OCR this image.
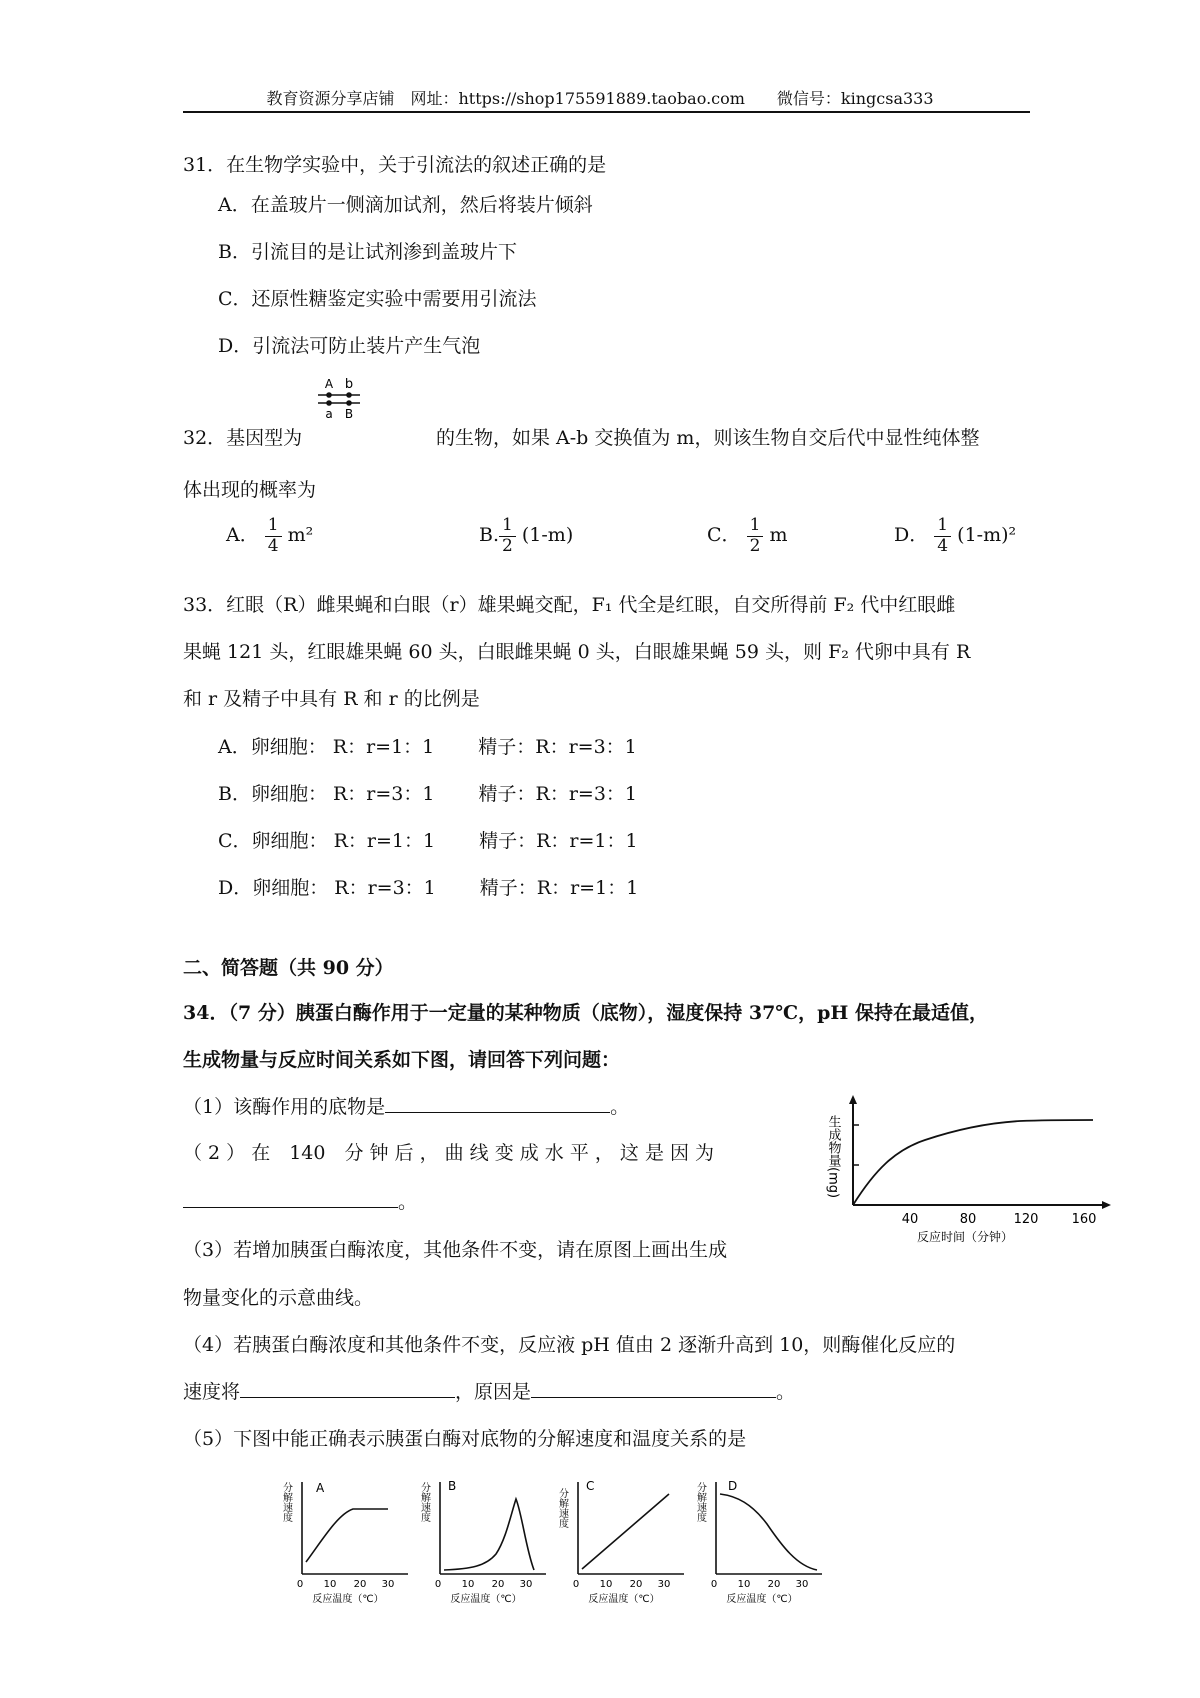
教育资源分享店铺　网址：https://shop175591889.taobao.com　　微信号：kingcsa333
31．在生物学实验中，关于引流法的叙述正确的是
A．在盖玻片一侧滴加试剂，然后将装片倾斜
B．引流目的是让试剂渗到盖玻片下
C．还原性糖鉴定实验中需要用引流法
D．引流法可防止装片产生气泡
32．基因型为
A b
a B
的生物，如果 A-b 交换值为 m，则该生物自交后代中显性纯体整
体出现的概率为
A． $\frac{1}{4} m^2$	B. $\frac{1}{2} (1-m)$	C． $\frac{1}{2}$ m	D． $\frac{1}{4} (1-m)^2$
33．红眼（R）雌果蝇和白眼（r）雄果蝇交配，F₁ 代全是红眼，自交所得前 F₂ 代中红眼雌
果蝇 121 头，红眼雄果蝇 60 头，白眼雌果蝇 0 头，白眼雄果蝇 59 头，则 F₂ 代卵中具有 R
和 r 及精子中具有 R 和 r 的比例是
A．卵细胞： R：r=1：1　　 精子：R：r=3：1
B．卵细胞： R：r=3：1　　 精子：R：r=3：1
C．卵细胞： R：r=1：1　　 精子：R：r=1：1
D．卵细胞： R：r=3：1　　 精子：R：r=1：1
二、简答题（共 90 分）
34．（7 分）胰蛋白酶作用于一定量的某种物质（底物），湿度保持 37℃，pH 保持在最适值，
生成物量与反应时间关系如下图，请回答下列问题：
（1）该酶作用的底物是	。
（ 2 ） 在　140　分 钟 后 ， 曲 线 变 成 水 平 ， 这 是 因 为
。
（3）若增加胰蛋白酶浓度，其他条件不变，请在原图上画出生成
物量变化的示意曲线。
（4）若胰蛋白酶浓度和其他条件不变，反应液 pH 值由 2 逐渐升高到 10，则酶催化反应的
速度将	，原因是	。
（5）下图中能正确表示胰蛋白酶对底物的分解速度和温度关系的是
生成物量(mg)
40	80	120	160
反应时间（分钟）
分解速度 A
0 10 20 30
反应温度（℃）
分解速度 B
0 10 20 30
反应温度（℃）
分解速度
C
0 10 20 30
反应温度（℃）
分解速度 D
0 10 20 30
反应温度（℃）
